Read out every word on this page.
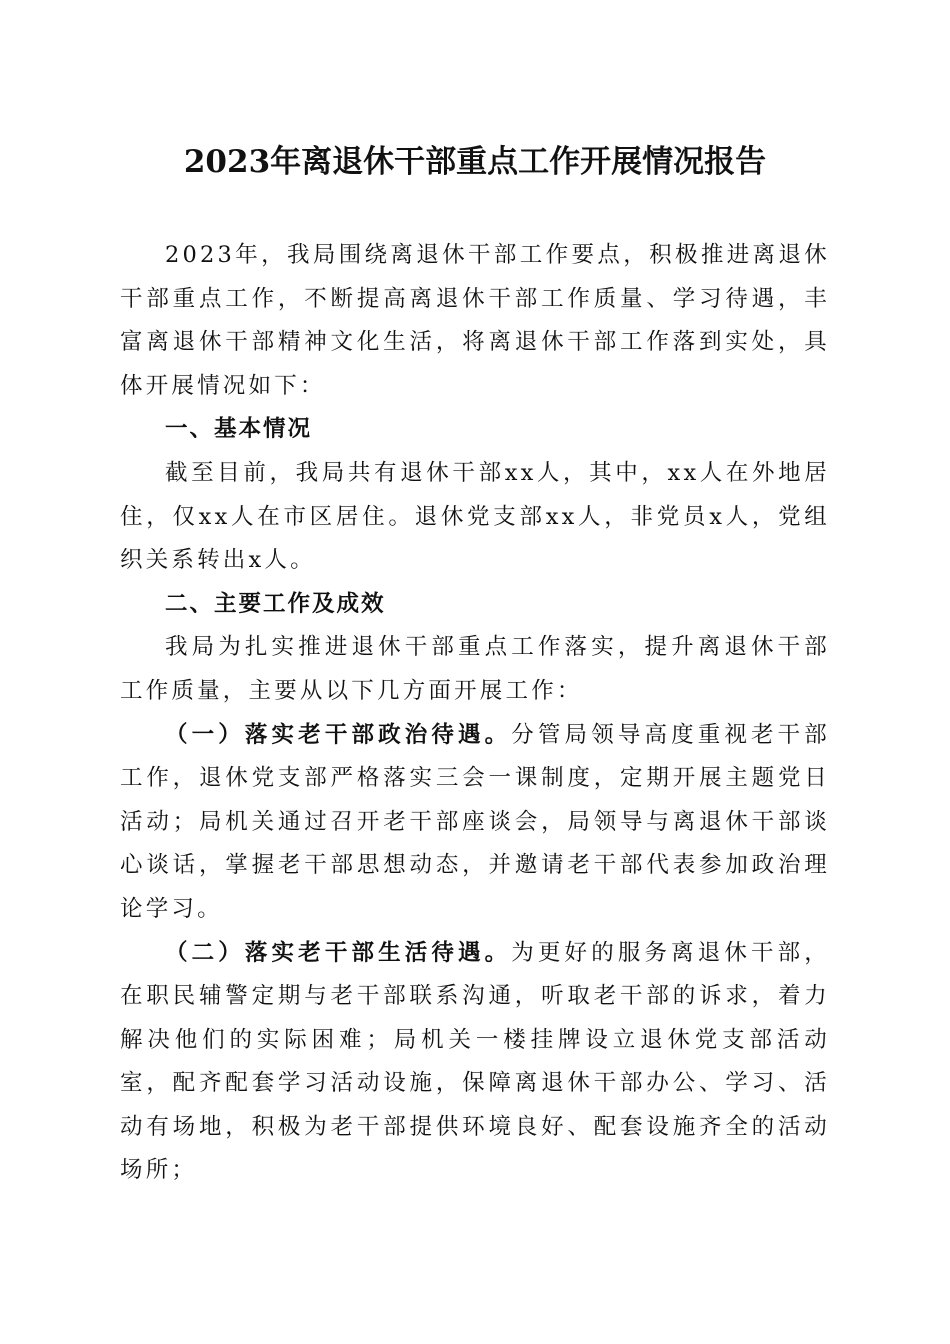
2023年离退休干部重点工作开展情况报告

2023年，我局围绕离退休干部工作要点，积极推进离退休干部重点工作，不断提高离退休干部工作质量、学习待遇，丰富离退休干部精神文化生活，将离退休干部工作落到实处，具体开展情况如下：

一、基本情况

截至目前，我局共有退休干部xx人，其中，xx人在外地居住，仅xx人在市区居住。退休党支部xx人，非党员x人，党组织关系转出x人。

二、主要工作及成效

我局为扎实推进退休干部重点工作落实，提升离退休干部工作质量，主要从以下几方面开展工作：

（一）落实老干部政治待遇。分管局领导高度重视老干部工作，退休党支部严格落实三会一课制度，定期开展主题党日活动；局机关通过召开老干部座谈会，局领导与离退休干部谈心谈话，掌握老干部思想动态，并邀请老干部代表参加政治理论学习。

（二）落实老干部生活待遇。为更好的服务离退休干部，在职民辅警定期与老干部联系沟通，听取老干部的诉求，着力解决他们的实际困难；局机关一楼挂牌设立退休党支部活动室，配齐配套学习活动设施，保障离退休干部办公、学习、活动有场地，积极为老干部提供环境良好、配套设施齐全的活动场所；
